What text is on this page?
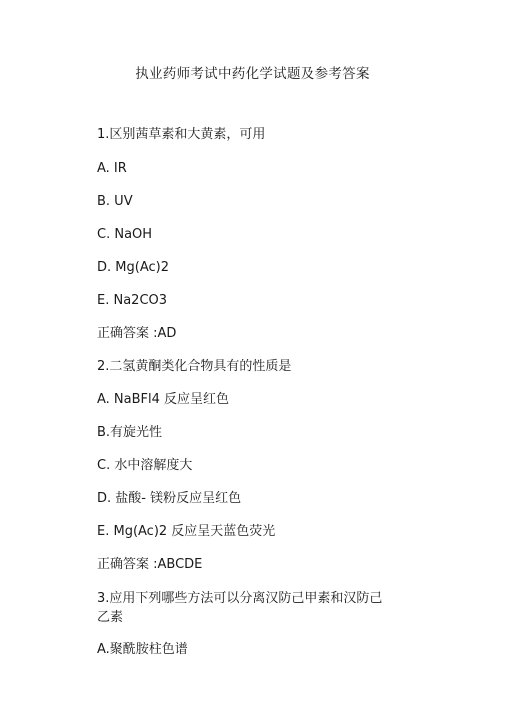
执业药师考试中药化学试题及参考答案
1.区别茜草素和大黄素，可用
A. IR
B. UV
C. NaOH
D. Mg(Ac)2
E. Na2CO3
正确答案 :AD
2.二氢黄酮类化合物具有的性质是
A. NaBFl4 反应呈红色
B.有旋光性
C. 水中溶解度大
D. 盐酸- 镁粉反应呈红色
E. Mg(Ac)2 反应呈天蓝色荧光
正确答案 :ABCDE
3.应用下列哪些方法可以分离汉防己甲素和汉防己乙素
A.聚酰胺柱色谱
